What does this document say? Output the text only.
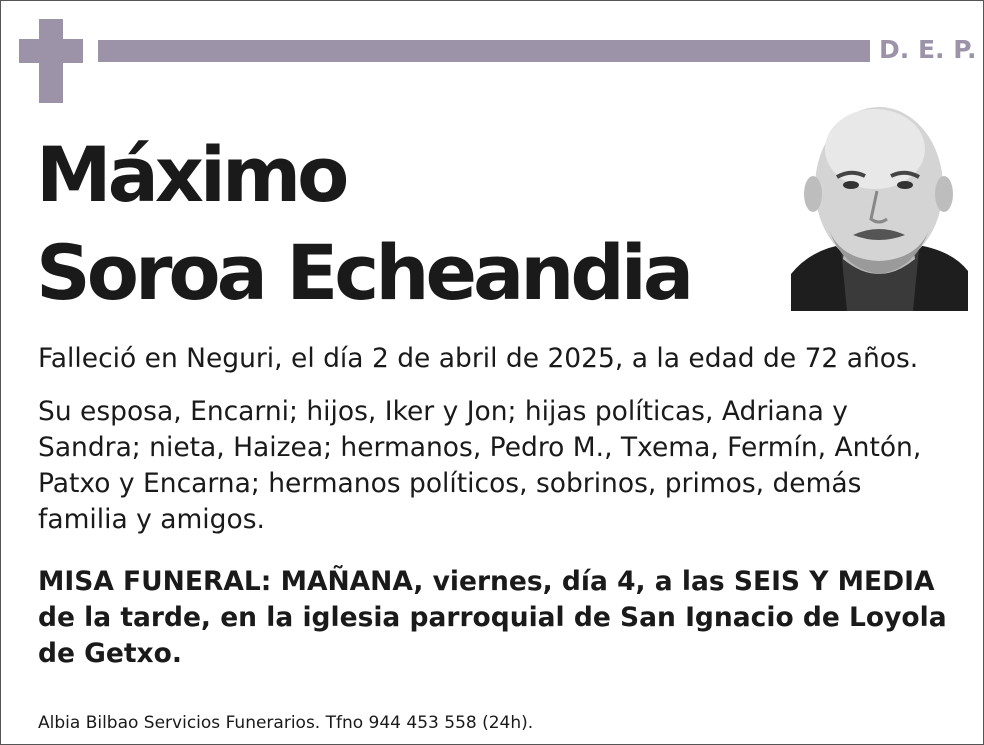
D. E. P.
Máximo
Soroa Echeandia
Falleció en Neguri, el día 2 de abril de 2025, a la edad de 72 años.
Su esposa, Encarni; hijos, Iker y Jon; hijas políticas, Adriana y Sandra; nieta, Haizea; hermanos, Pedro M., Txema, Fermín, Antón, Patxo y Encarna; hermanos políticos, sobrinos, primos, demás familia y amigos.
MISA FUNERAL: MAÑANA, viernes, día 4, a las SEIS Y MEDIA de la tarde, en la iglesia parroquial de San Ignacio de Loyola de Getxo.
Albia Bilbao Servicios Funerarios. Tfno 944 453 558 (24h).
